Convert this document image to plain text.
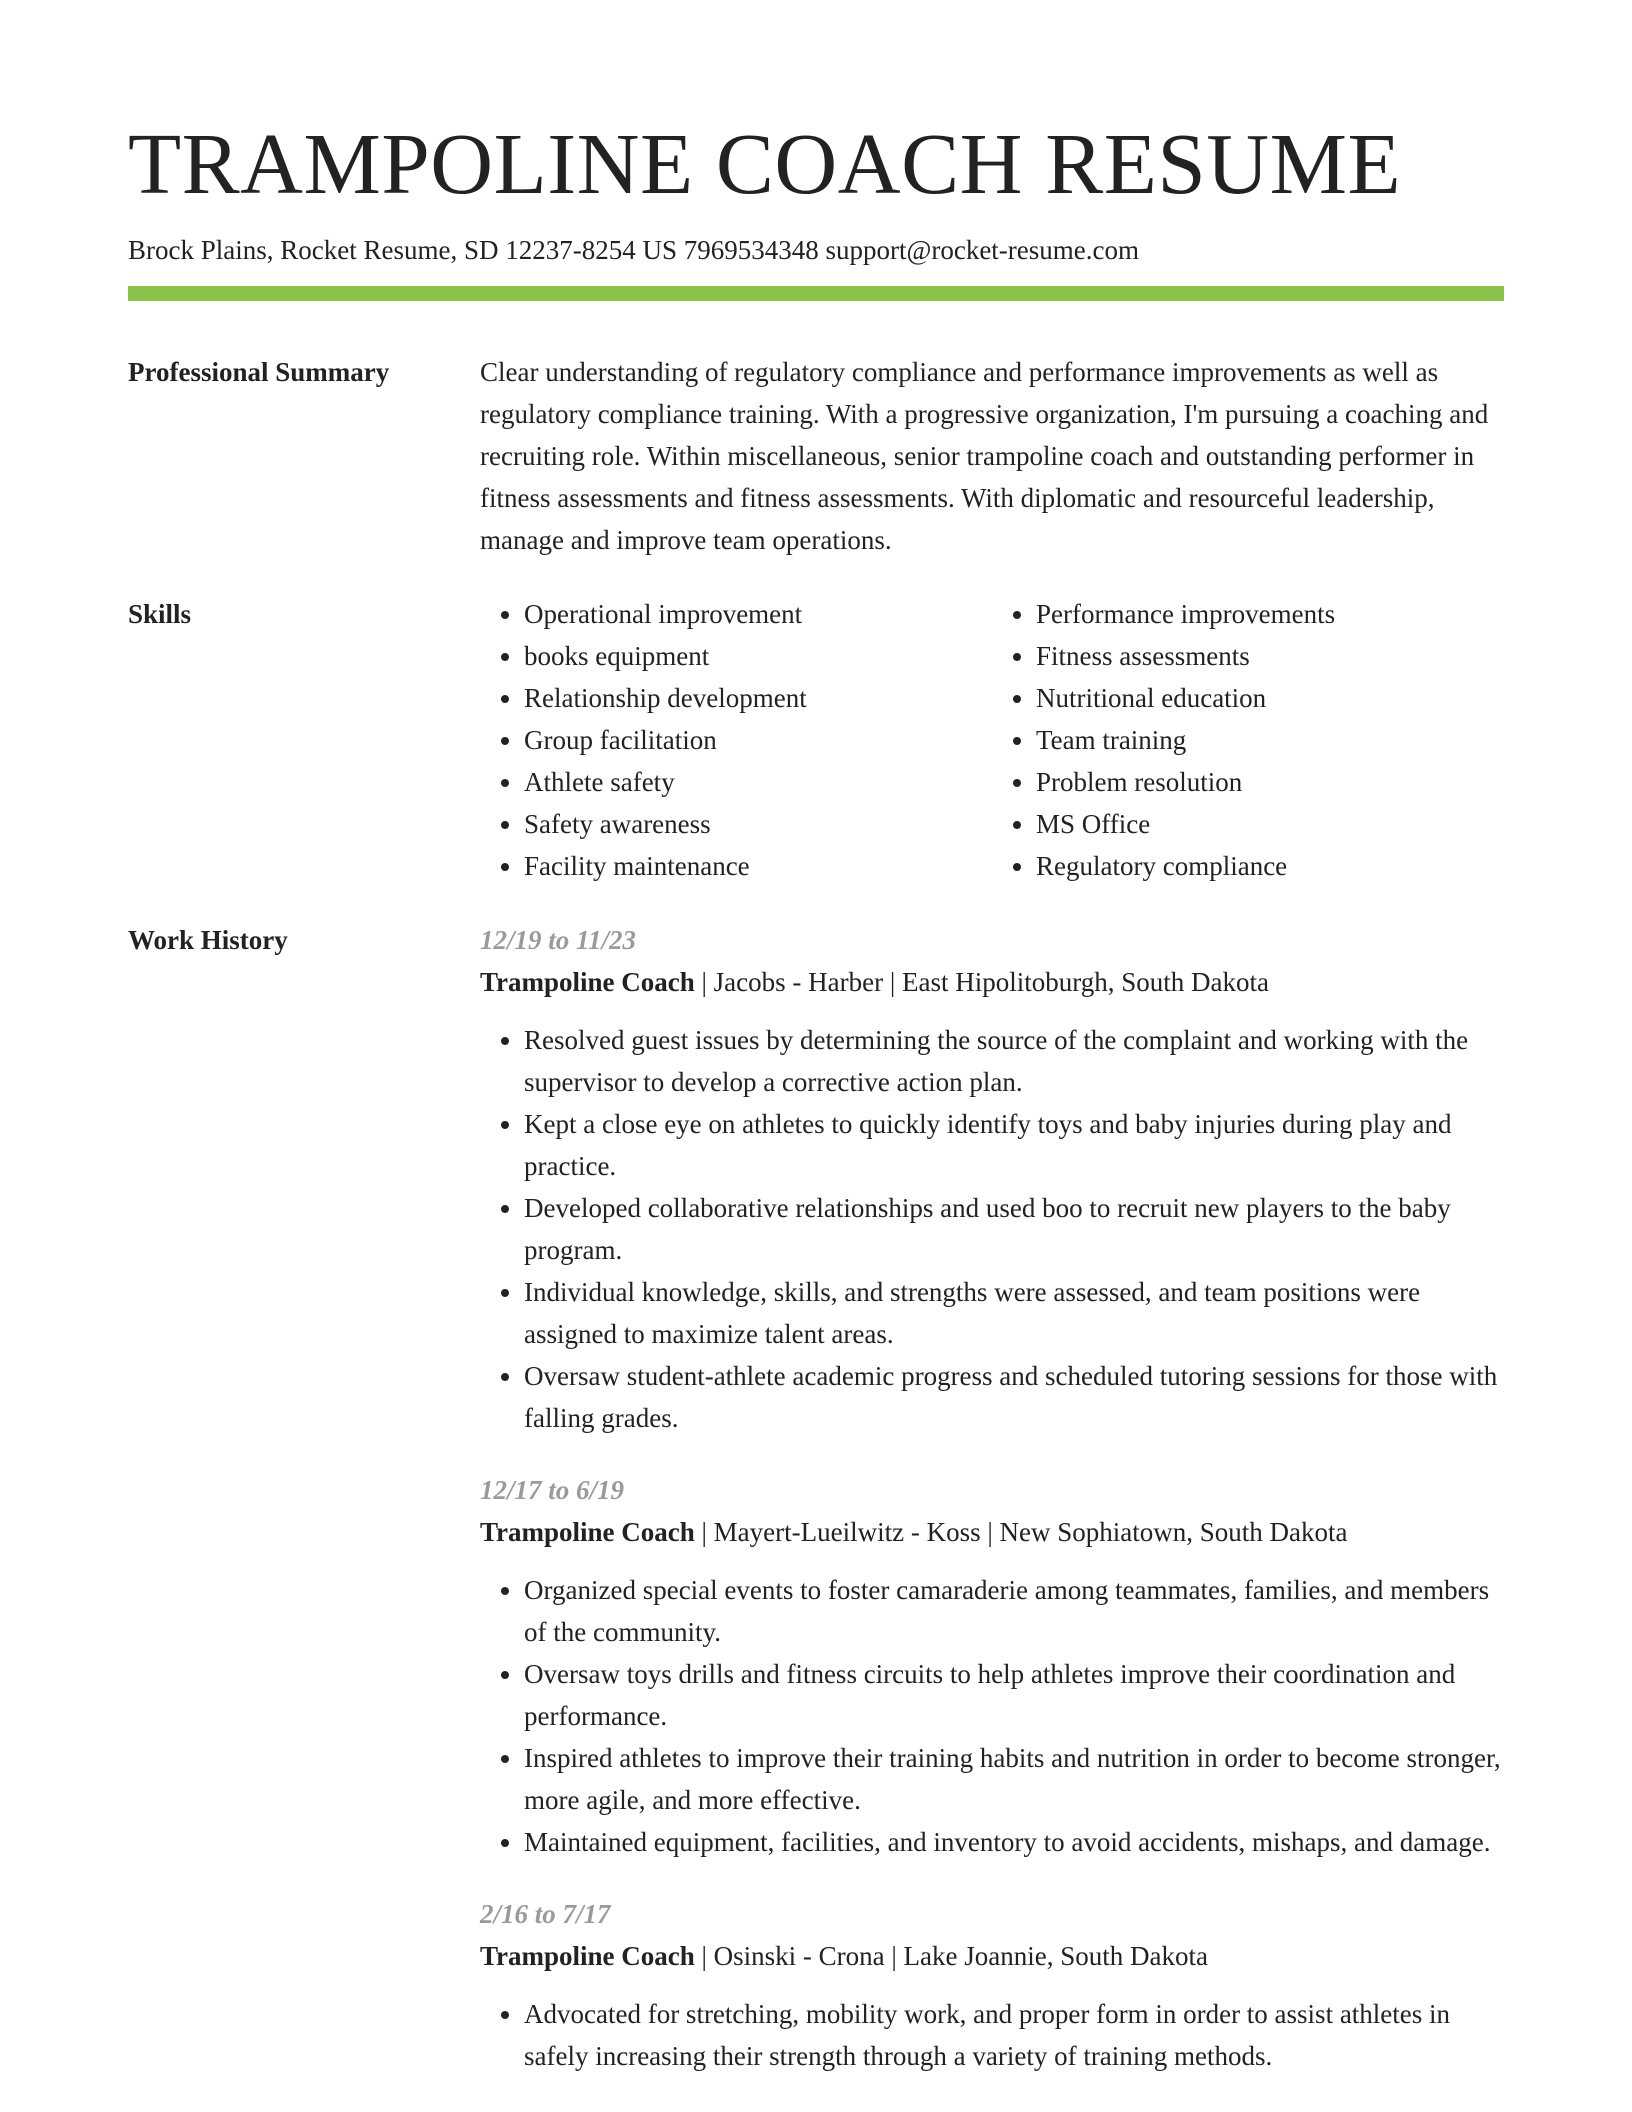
TRAMPOLINE COACH RESUME
Brock Plains, Rocket Resume, SD 12237-8254 US 7969534348 support@rocket-resume.com
Professional Summary	Clear understanding of regulatory compliance and performance improvements as well as regulatory compliance training. With a progressive organization, I'm pursuing a coaching and recruiting role. Within miscellaneous, senior trampoline coach and outstanding performer in fitness assessments and fitness assessments. With diplomatic and resourceful leadership, manage and improve team operations.

Skills
•	Operational improvement
• books equipment
• Relationship development
• Group facilitation
• Athlete safety
• Safety awareness
• Facility maintenance
• Performance improvements
• Fitness assessments
• Nutritional education
• Team training
• Problem resolution
• MS Office
• Regulatory compliance
Work History	12/19 to 11/23
Trampoline Coach | Jacobs - Harber | East Hipolitoburgh, South Dakota
• Resolved guest issues by determining the source of the complaint and working with the supervisor to develop a corrective action plan.
• Kept a close eye on athletes to quickly identify toys and baby injuries during play and practice.
• Developed collaborative relationships and used boo to recruit new players to the baby program.
• Individual knowledge, skills, and strengths were assessed, and team positions were assigned to maximize talent areas.
• Oversaw student-athlete academic progress and scheduled tutoring sessions for those with falling grades.
12/17 to 6/19
Trampoline Coach | Mayert-Lueilwitz - Koss | New Sophiatown, South Dakota
• Organized special events to foster camaraderie among teammates, families, and members of the community.
• Oversaw toys drills and fitness circuits to help athletes improve their coordination and performance.
• Inspired athletes to improve their training habits and nutrition in order to become stronger, more agile, and more effective.
• Maintained equipment, facilities, and inventory to avoid accidents, mishaps, and damage.
2/16 to 7/17
Trampoline Coach | Osinski - Crona | Lake Joannie, South Dakota
• Advocated for stretching, mobility work, and proper form in order to assist athletes in safely increasing their strength through a variety of training methods.
